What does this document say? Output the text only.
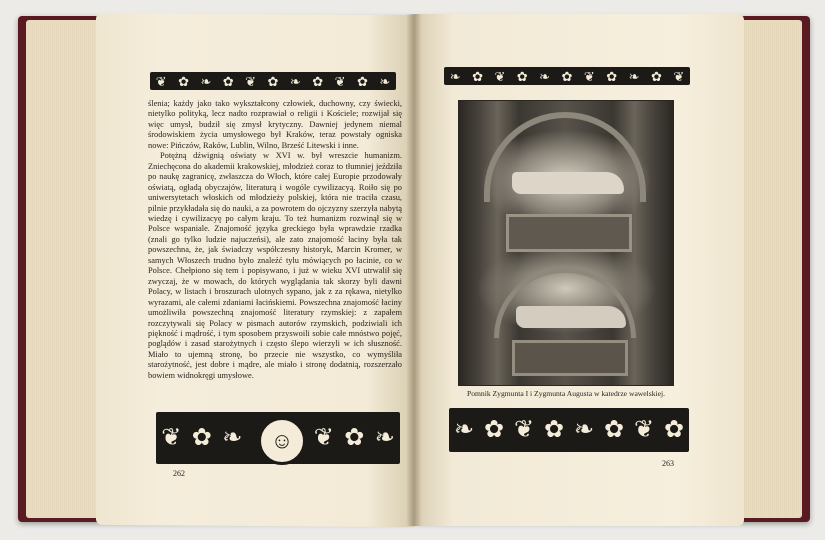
❦ ✿ ❧ ✿ ❦ ✿ ❧ ✿ ❦ ✿ ❧	❧ ✿ ❦ ✿ ❧ ✿ ❦ ✿ ❧ ✿ ❦

ślenia; każdy jako tako wykształcony człowiek, duchowny, czy świecki, nietylko polityką, lecz nadto rozprawiał o religii i Kościele; rozwijał się więc umysł, budził się zmysł krytyczny. Dawniej jedynem niemal środowiskiem życia umysłowego był Kraków, teraz powstały ogniska nowe: Pińczów, Raków, Lublin, Wilno, Brześć Litewski i inne.

Potężną dźwignią oświaty w XVI w. był wreszcie humanizm. Zniechęcona do akademii krakowskiej, młodzież coraz to tłumniej jeździła po naukę zagranicę, zwłaszcza do Włoch, które całej Europie przodowały oświatą, ogładą obyczajów, literaturą i wogóle cywilizacyą. Roiło się po uniwersytetach włoskich od młodzieży polskiej, która nie traciła czasu, pilnie przykładała się do nauki, a za powrotem do ojczyzny szerzyła nabytą wiedzę i cywilizacyę po całym kraju. To też humanizm rozwinął się w Polsce wspaniale. Znajomość języka greckiego była wprawdzie rzadka (znali go tylko ludzie najuczeńsi), ale zato znajomość łaciny była tak powszechna, że, jak świadczy współczesny historyk, Marcin Kromer, w samych Włoszech trudno było znaleźć tylu mówiących po łacinie, co w Polsce. Chełpiono się tem i popisywano, i już w wieku XVI utrwalił się zwyczaj, że w mowach, do których wyglądania tak skorzy byli dawni Polacy, w listach i broszurach ulotnych sypano, jak z za rękawa, nietylko wyrazami, ale całemi zdaniami łacińskiemi. Powszechna znajomość łaciny umożliwiła powszechną znajomość literatury rzymskiej: z zapałem rozczytywali się Polacy w pismach autorów rzymskich, podziwiali ich piękność i mądrość, i tym sposobem przyswoili sobie całe mnóstwo pojęć, poglądów i zasad starożytnych i często ślepo wierzyli w ich słuszność. Miało to ujemną stronę, bo przecie nie wszystko, co wymyśliła starożytność, jest dobre i mądre, ale miało i stronę dodatnią, rozszerzało bowiem widnokręgi umysłowe.

❦ ✿ ❧	❦ ✿ ❧
☺
Pomnik Zygmunta I i Zygmunta Augusta w katedrze wawelskiej.
❧ ✿ ❦ ✿ ❧ ✿ ❦ ✿
262
263
